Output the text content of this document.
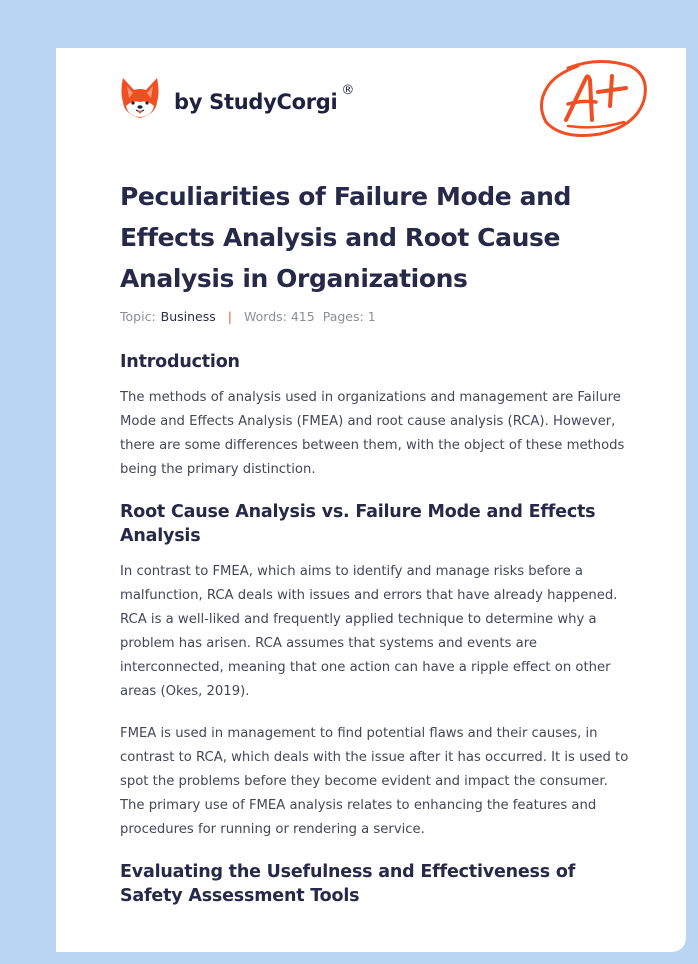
by StudyCorgi ®
Peculiarities of Failure Mode and Effects Analysis and Root Cause Analysis in Organizations
Topic: Business | Words: 415 Pages: 1
Introduction

The methods of analysis used in organizations and management are Failure Mode and Effects Analysis (FMEA) and root cause analysis (RCA). However, there are some differences between them, with the object of these methods being the primary distinction.

Root Cause Analysis vs. Failure Mode and Effects Analysis

In contrast to FMEA, which aims to identify and manage risks before a malfunction, RCA deals with issues and errors that have already happened. RCA is a well-liked and frequently applied technique to determine why a problem has arisen. RCA assumes that systems and events are interconnected, meaning that one action can have a ripple effect on other areas (Okes, 2019).

FMEA is used in management to find potential flaws and their causes, in contrast to RCA, which deals with the issue after it has occurred. It is used to spot the problems before they become evident and impact the consumer. The primary use of FMEA analysis relates to enhancing the features and procedures for running or rendering a service.

Evaluating the Usefulness and Effectiveness of Safety Assessment Tools
